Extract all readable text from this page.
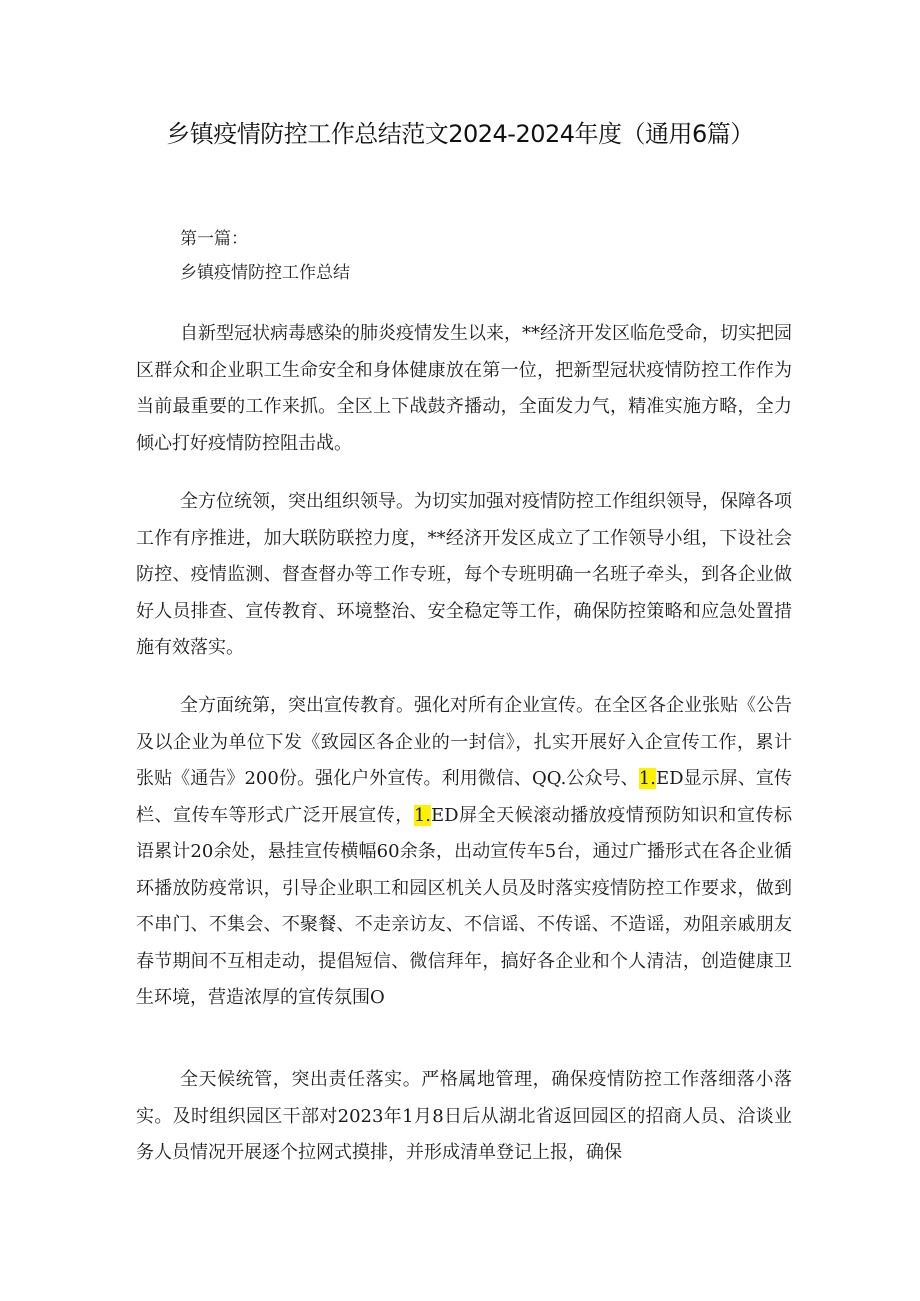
乡镇疫情防控工作总结范文2024-2024年度（通用6篇）
第一篇：
乡镇疫情防控工作总结

自新型冠状病毒感染的肺炎疫情发生以来，**经济开发区临危受命，切实把园区群众和企业职工生命安全和身体健康放在第一位，把新型冠状疫情防控工作作为当前最重要的工作来抓。全区上下战鼓齐播动，全面发力气，精准实施方略，全力倾心打好疫情防控阻击战。

全方位统领，突出组织领导。为切实加强对疫情防控工作组织领导，保障各项工作有序推进，加大联防联控力度，**经济开发区成立了工作领导小组，下设社会防控、疫情监测、督查督办等工作专班，每个专班明确一名班子牵头，到各企业做好人员排查、宣传教育、环境整治、安全稳定等工作，确保防控策略和应急处置措施有效落实。

全方面统第，突出宣传教育。强化对所有企业宣传。在全区各企业张贴《公告及以企业为单位下发《致园区各企业的一封信》，扎实开展好入企宣传工作，累计张贴《通告》200份。强化户外宣传。利用微信、QQ.公众号、1.ED显示屏、宣传栏、宣传车等形式广泛开展宣传，1.ED屏全天候滚动播放疫情预防知识和宣传标语累计20余处，悬挂宣传横幅60余条，出动宣传车5台，通过广播形式在各企业循环播放防疫常识，引导企业职工和园区机关人员及时落实疫情防控工作要求，做到不串门、不集会、不聚餐、不走亲访友、不信谣、不传谣、不造谣，劝阻亲戚朋友春节期间不互相走动，提倡短信、微信拜年，搞好各企业和个人清洁，创造健康卫生环境，营造浓厚的宣传氛围O

全天候统管，突出责任落实。严格属地管理，确保疫情防控工作落细落小落实。及时组织园区干部对2023年1月8日后从湖北省返回园区的招商人员、洽谈业务人员情况开展逐个拉网式摸排，并形成清单登记上报，确保
